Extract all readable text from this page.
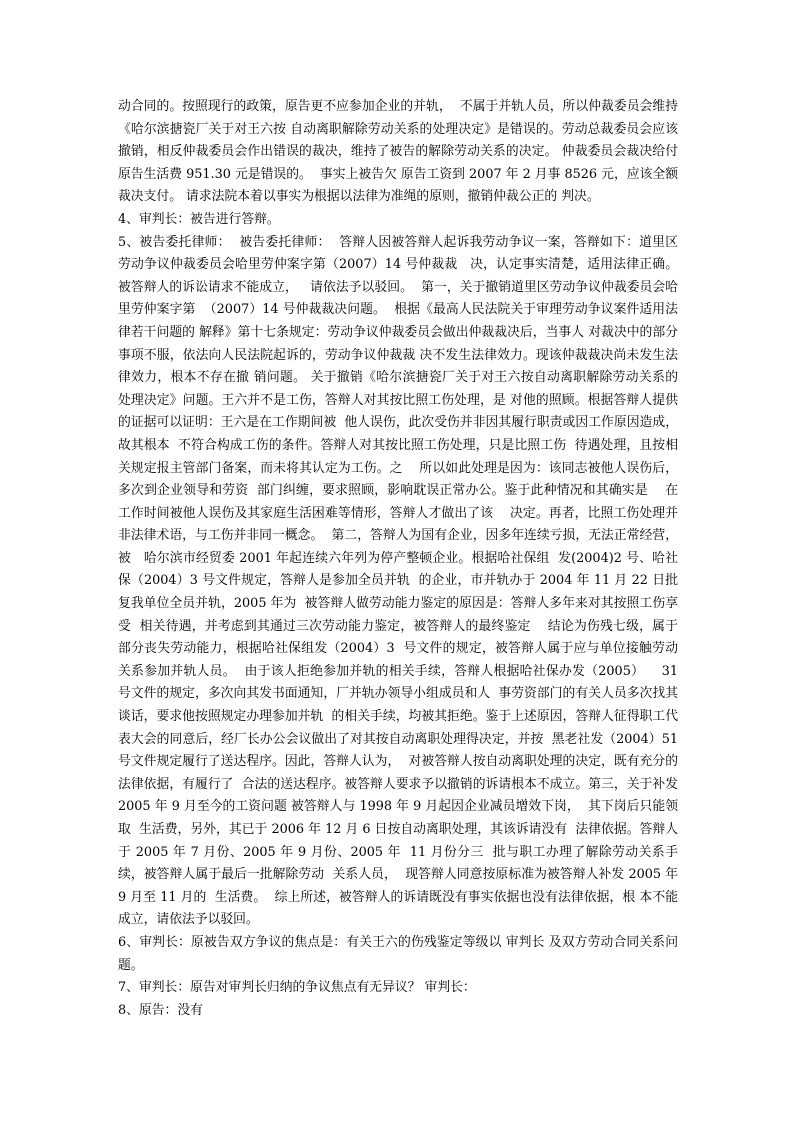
动合同的。按照现行的政策，原告更不应参加企业的并轨，  不属于并轨人员，所以仲裁委员会维持《哈尔滨搪瓷厂关于对王六按 自动离职解除劳动关系的处理决定》是错误的。劳动总裁委员会应该    撤销，相反仲裁委员会作出错误的裁决，维持了被告的解除劳动关系的决定。 仲裁委员会裁决给付原告生活费 951.30 元是错误的。  事实上被告欠 原告工资到 2007 年 2 月事 8526 元，应该全额裁决支付。 请求法院本着以事实为根据以法律为准绳的原则，撤销仲裁公正的 判决。

4、审判长：被告进行答辩。

5、被告委托律师：  被告委托律师：  答辩人因被答辩人起诉我劳动争议一案，答辩如下：道里区劳动争议仲裁委员会哈里劳仲案字第（2007）14 号仲裁裁   决，认定事实清楚，适用法律正确。被答辩人的诉讼请求不能成立，   请依法予以驳回。  第一，关于撤销道里区劳动争议仲裁委员会哈里劳仲案字第  （2007）14 号仲裁裁决问题。  根据《最高人民法院关于审理劳动争议案件适用法律若干问题的 解释》第十七条规定：劳动争议仲裁委员会做出仲裁裁决后，当事人 对裁决中的部分事项不服，依法向人民法院起诉的，劳动争议仲裁裁 决不发生法律效力。现该仲裁裁决尚未发生法律效力，根本不存在撤 销问题。 关于撤销《哈尔滨搪瓷厂关于对王六按自动离职解除劳动关系的 处理决定》问题。王六并不是工伤，答辩人对其按比照工伤处理，是 对他的照顾。根据答辩人提供的证据可以证明：王六是在工作期间被  他人误伤，此次受伤并非因其履行职责或因工作原因造成，故其根本  不符合构成工伤的条件。答辩人对其按比照工伤处理，只是比照工伤  待遇处理，且按相关规定报主管部门备案，而未将其认定为工伤。之    所以如此处理是因为：该同志被他人误伤后，多次到企业领导和劳资  部门纠缠，要求照顾，影响耽误正常办公。鉴于此种情况和其确实是    在工作时间被他人误伤及其家庭生活困难等情形，答辩人才做出了该    决定。再者，比照工伤处理并非法律术语，与工伤并非同一概念。  第二，答辩人为国有企业，因多年连续亏损，无法正常经营，被   哈尔滨市经贸委 2001 年起连续六年列为停产整顿企业。根据哈社保组  发(2004)2 号、哈社保（2004）3 号文件规定，答辩人是参加全员并轨  的企业，市并轨办于 2004 年 11 月 22 日批复我单位全员并轨，2005 年为  被答辩人做劳动能力鉴定的原因是：答辩人多年来对其按照工伤享受  相关待遇，并考虑到其通过三次劳动能力鉴定，被答辩人的最终鉴定    结论为伤残七级，属于部分丧失劳动能力，根据哈社保组发（2004）3  号文件的规定，被答辩人属于应与单位接触劳动关系参加并轨人员。  由于该人拒绝参加并轨的相关手续，答辩人根据哈社保办发（2005）    31 号文件的规定，多次向其发书面通知，厂并轨办领导小组成员和人  事劳资部门的有关人员多次找其谈话，要求他按照规定办理参加并轨  的相关手续，均被其拒绝。鉴于上述原因，答辩人征得职工代表大会的同意后，经厂长办公会议做出了对其按自动离职处理得决定，并按  黑老社发（2004）51 号文件规定履行了送达程序。因此，答辩人认为，  对被答辩人按自动离职处理的决定，既有充分的法律依据，有履行了  合法的送达程序。被答辩人要求予以撤销的诉请根本不成立。第三，关于补发 2005 年 9 月至今的工资问题 被答辩人与 1998 年 9 月起因企业减员增效下岗，  其下岗后只能领取  生活费，另外，其已于 2006 年 12 月 6 日按自动离职处理，其该诉请没有  法律依据。答辩人于 2005 年 7 月份、2005 年 9 月份、2005 年  11 月份分三  批与职工办理了解除劳动关系手续，被答辩人属于最后一批解除劳动  关系人员，  现答辩人同意按原标准为被答辩人补发 2005 年 9 月至 11 月的  生活费。  综上所述，被答辩人的诉请既没有事实依据也没有法律依据，根 本不能成立，请依法予以驳回。

6、审判长：原被告双方争议的焦点是：有关王六的伤残鉴定等级以 审判长 及双方劳动合同关系问题。

7、审判长：原告对审判长归纳的争议焦点有无异议？ 审判长：

8、原告：没有
